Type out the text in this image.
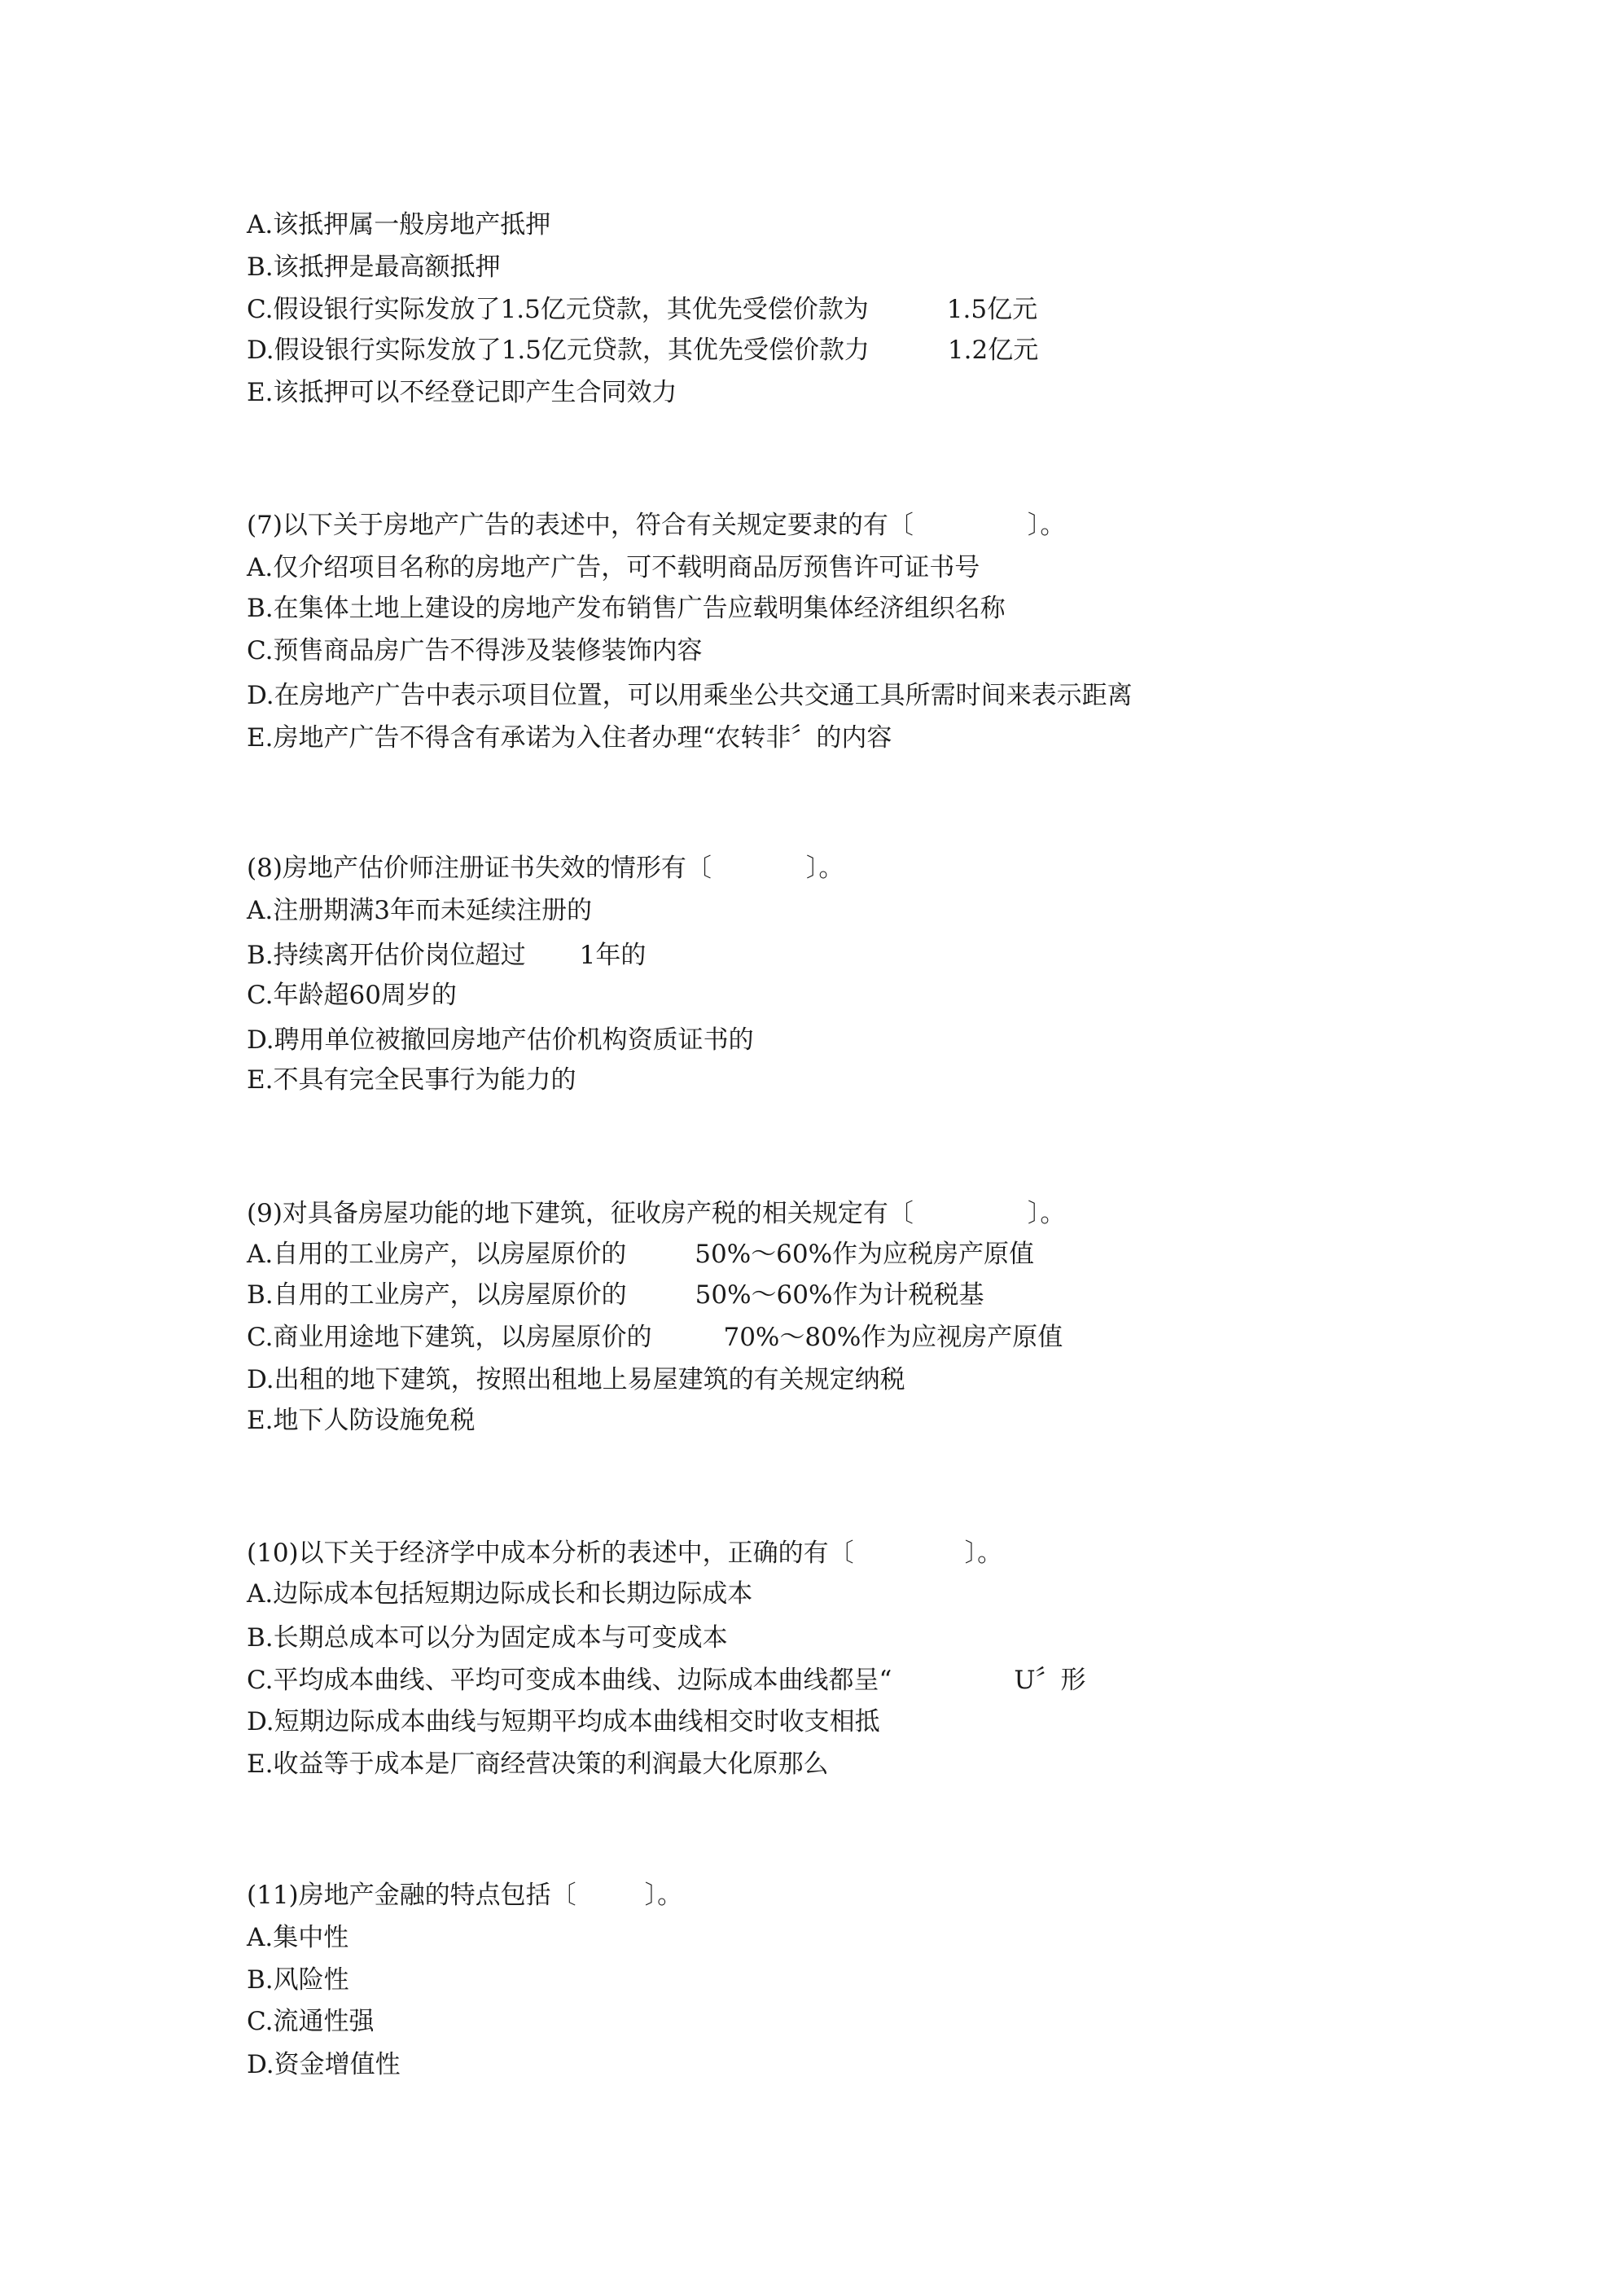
A.该抵押属一般房地产抵押
B.该抵押是最高额抵押
C.假设银行实际发放了1.5亿元贷款，其优先受偿价款为	1.5亿元
D.假设银行实际发放了1.5亿元贷款，其优先受偿价款力	1.2亿元
E.该抵押可以不经登记即产生合同效力
(7)以下关于房地产广告的表述中，符合有关规定要隶的有〔	〕。
A.仅介绍项目名称的房地产广告，可不载明商品厉预售许可证书号
B.在集体土地上建设的房地产发布销售广告应载明集体经济组织名称
C.预售商品房广告不得涉及装修装饰内容
D.在房地产广告中表示项目位置，可以用乘坐公共交通工具所需时间来表示距离
E.房地产广告不得含有承诺为入住者办理“农转非〞的内容
(8)房地产估价师注册证书失效的情形有〔	〕。
A.注册期满3年而未延续注册的
B.持续离开估价岗位超过 1年的
C.年龄超60周岁的
D.聘用单位被撤回房地产估价机构资质证书的
E.不具有完全民事行为能力的
(9)对具备房屋功能的地下建筑，征收房产税的相关规定有〔	〕。
A.自用的工业房产，以房屋原价的	50%～60%作为应税房产原值
B.自用的工业房产，以房屋原价的	50%～60%作为计税税基
C.商业用途地下建筑，以房屋原价的	70%～80%作为应视房产原值
D.出租的地下建筑，按照出租地上易屋建筑的有关规定纳税
E.地下人防设施免税
(10)以下关于经济学中成本分析的表述中，正确的有〔	〕。
A.边际成本包括短期边际成长和长期边际成本
B.长期总成本可以分为固定成本与可变成本
C.平均成本曲线、平均可变成本曲线、边际成本曲线都呈“	U〞形
D.短期边际成本曲线与短期平均成本曲线相交时收支相抵
E.收益等于成本是厂商经营决策的利润最大化原那么
(11)房地产金融的特点包括〔	〕。
A.集中性
B.风险性
C.流通性强
D.资金增值性
